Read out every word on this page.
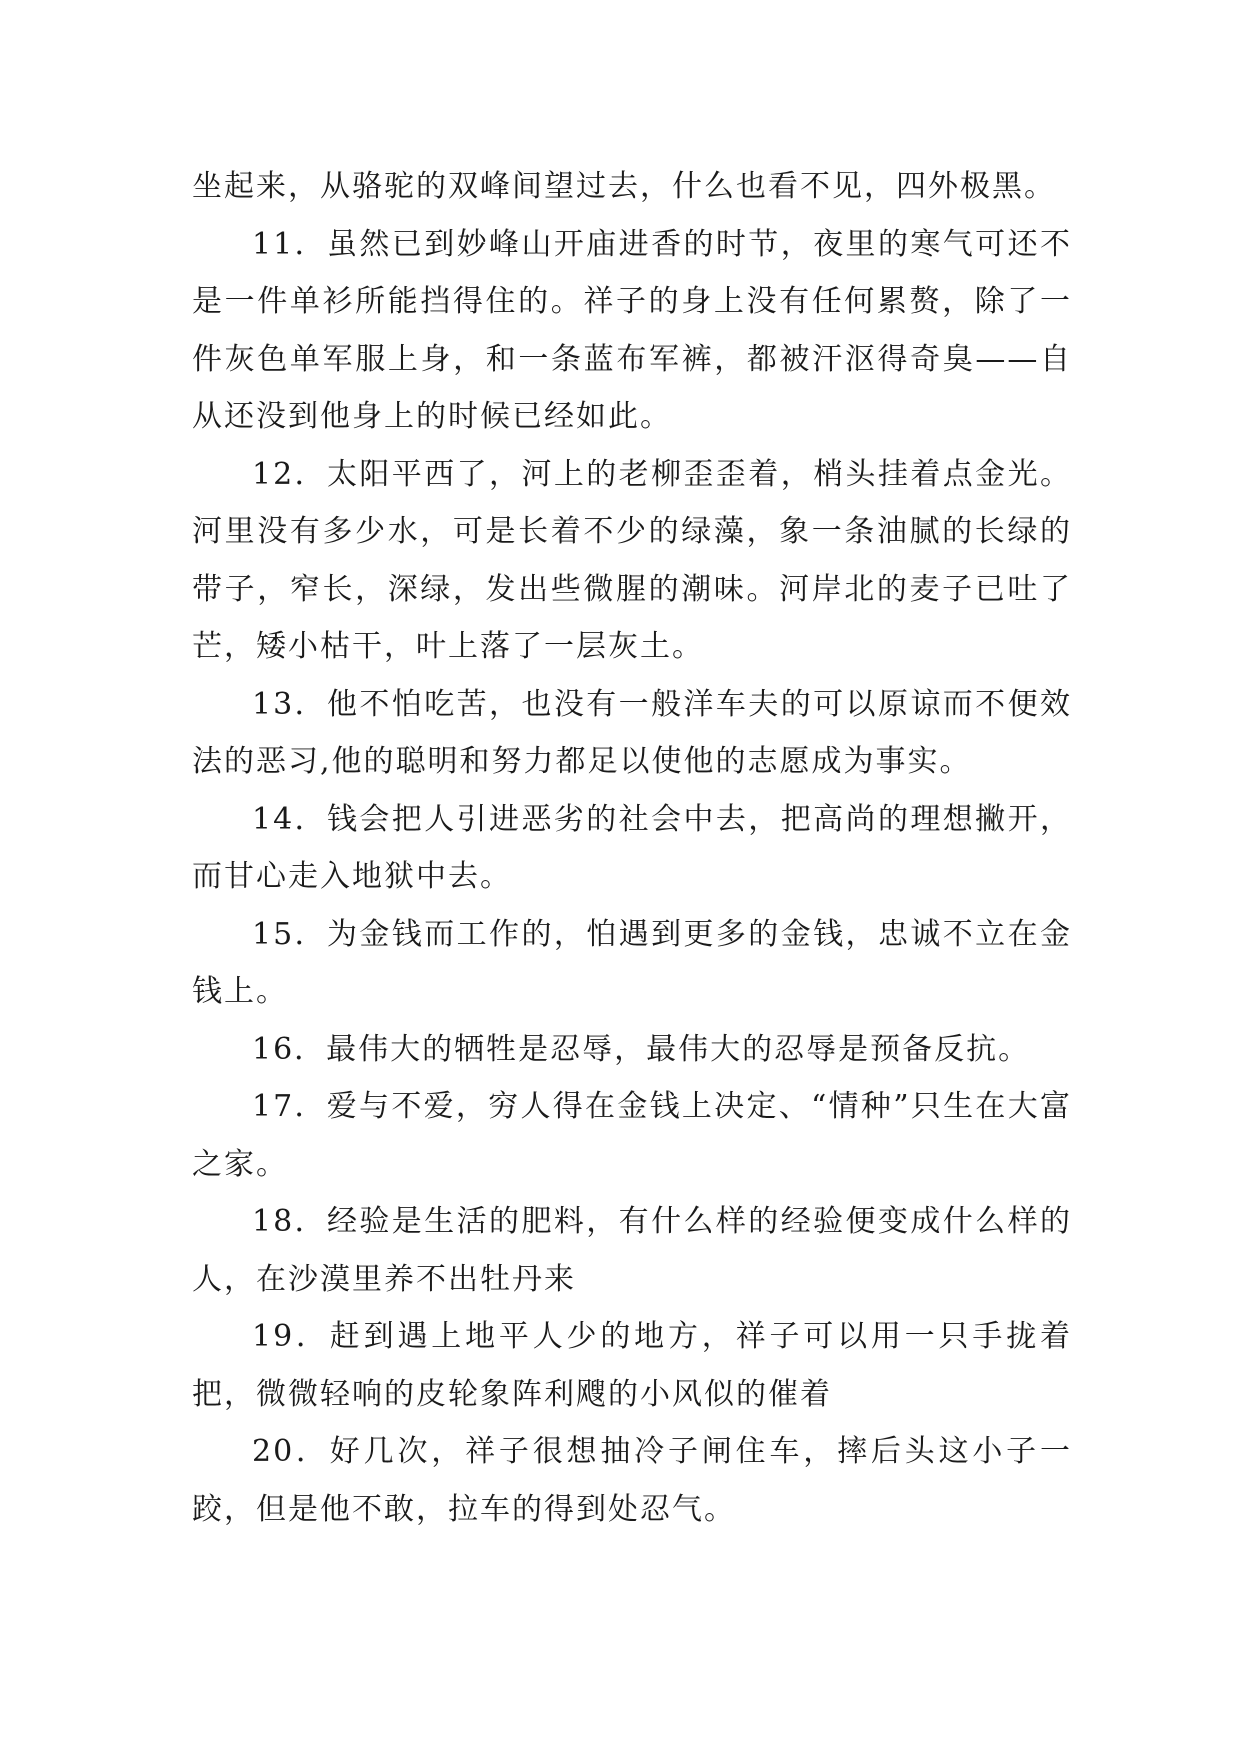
坐起来，从骆驼的双峰间望过去，什么也看不见，四外极黑。

11．虽然已到妙峰山开庙进香的时节，夜里的寒气可还不是一件单衫所能挡得住的。祥子的身上没有任何累赘，除了一件灰色单军服上身，和一条蓝布军裤，都被汗沤得奇臭——自从还没到他身上的时候已经如此。

12．太阳平西了，河上的老柳歪歪着，梢头挂着点金光。河里没有多少水，可是长着不少的绿藻，象一条油腻的长绿的带子，窄长，深绿，发出些微腥的潮味。河岸北的麦子已吐了芒，矮小枯干，叶上落了一层灰土。

13．他不怕吃苦，也没有一般洋车夫的可以原谅而不便效法的恶习,他的聪明和努力都足以使他的志愿成为事实。

14．钱会把人引进恶劣的社会中去，把高尚的理想撇开，而甘心走入地狱中去。

15．为金钱而工作的，怕遇到更多的金钱，忠诚不立在金钱上。

16．最伟大的牺牲是忍辱，最伟大的忍辱是预备反抗。

17．爱与不爱，穷人得在金钱上决定、“情种”只生在大富之家。

18．经验是生活的肥料，有什么样的经验便变成什么样的人，在沙漠里养不出牡丹来

19．赶到遇上地平人少的地方，祥子可以用一只手拢着把，微微轻响的皮轮象阵利飕的小风似的催着

20．好几次，祥子很想抽冷子闸住车，摔后头这小子一跤，但是他不敢，拉车的得到处忍气。
